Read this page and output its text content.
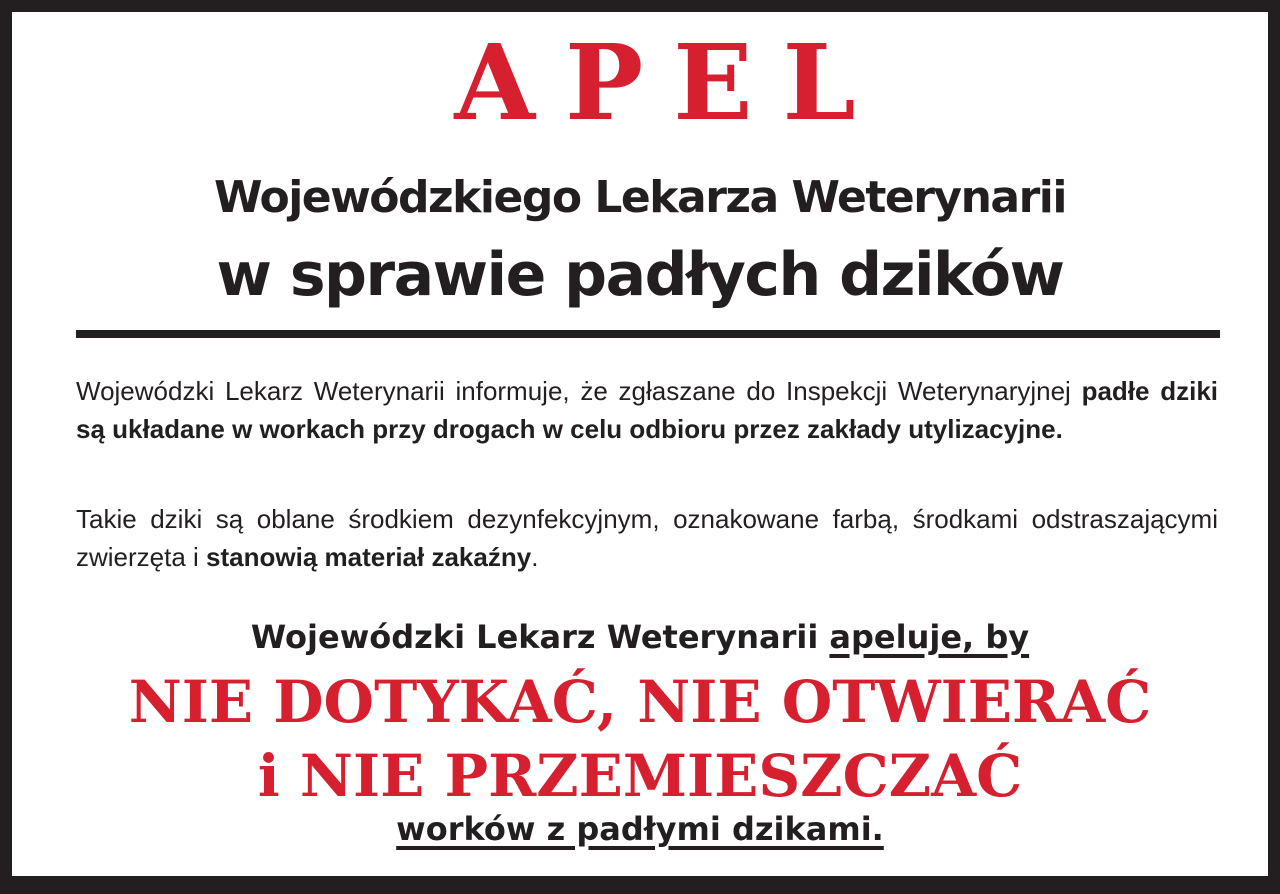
APEL
Wojewódzkiego Lekarza Weterynarii
w sprawie padłych dzików
Wojewódzki Lekarz Weterynarii informuje, że zgłaszane do Inspekcji Weterynaryjnej padłe dziki są układane w workach przy drogach w celu odbioru przez zakłady utylizacyjne.
Takie dziki są oblane środkiem dezynfekcyjnym, oznakowane farbą, środkami odstraszającymi zwierzęta i stanowią materiał zakaźny.
Wojewódzki Lekarz Weterynarii apeluje, by
NIE DOTYKAĆ, NIE OTWIERAĆ
i NIE PRZEMIESZCZAĆ
worków z padłymi dzikami.
